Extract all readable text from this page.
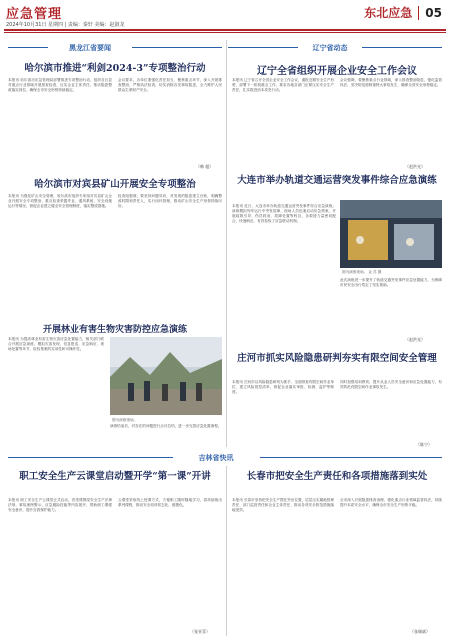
应急管理	东北应急 05
2024年10月31日 星期四 | 责编：秦轩 美编：赵淑龙
黑龙江省要闻	辽宁省动态
哈尔滨市推进“利剑2024-3”专项整治行动
本报讯 哈尔滨市应急管理局部署推进专项整治行动，组织各区县对重点行业领域开展排查检查，压实企业主体责任，推动隐患整改落实到位，确保全市安全形势持续稳定。
会议要求，各单位要强化责任担当，聚焦重点环节，深入开展排查整治，严格执法检查，切实消除各类事故隐患，全力维护人民群众生命财产安全。
（韩 超）
哈尔滨市对宾县矿山开展安全专项整治
本报讯 为强化矿山安全管理，哈尔滨市组织专家组对宾县矿山企业开展安全专项整治，重点检查采掘作业、通风系统、安全设施运行等情况，督促企业建立健全安全管理制度，落实整改措施。
检查组强调，要坚持问题导向，对发现的隐患建立台账，明确整改时限和责任人，实行闭环管理，推动矿山安全生产形势持续向好。
开展林业有害生物灾害防控应急演练
本报讯 为提高林业有害生物灾害应急处置能力，相关部门联合开展应急演练，模拟灾害发现、信息报送、应急响应、现场处置等环节，检验预案的实用性和可操作性。
图为演练现场。
演练结束后，对存在的问题进行点评总结，进一步完善应急处置流程。
辽宁全省组织开展企业安全工作会议
本报讯 辽宁省召开全省企业安全工作会议，通报近期安全生产形势，部署下一阶段重点工作，要求各地各部门压紧压实安全生产责任，扎实推进治本攻坚行动。
会议强调，要聚焦重点行业领域，深入排查整治隐患，强化监管执法，坚决防范遏制重特大事故发生，确保全省安全形势稳定。
（赵洪光）
大连市举办轨道交通运营突发事件综合应急演练
本报讯 近日，大连市举办轨道交通运营突发事件综合应急演练。演练模拟列车运行中突发故障，现场人员迅速启动应急预案，开展疏散引导、伤员救治、故障处置等科目，各救援力量密切配合、快速响应，有效检验了应急联动机制。
图为演练现场。 金 苏 摄
此次演练进一步提升了轨道交通突发事件应急处置能力，为保障市民安全出行奠定了坚实基础。
（赵洪光）
庄河市抓实风险隐患研判夯实有限空间安全管理
本报讯 庄河市以风险隐患研判为抓手，全面排查有限空间作业单位，建立风险管控清单，督促企业落实审批、检测、监护等制度。
同时加强培训教育，提升从业人员安全意识和应急处置能力，有效防范有限空间作业事故发生。
（陈宁）
吉林省快讯
职工安全生产云课堂启动暨开学“第一课”开讲
本报讯 职工安全生产云课堂正式启动，首堂课围绕安全生产法律法规、事故案例警示、应急避险技能等内容展开，帮助职工增强安全意识，提升自我保护能力。
云课堂采取线上授课方式，方便职工随时随地学习，将持续推出系列课程，推动安全培训常态化、便捷化。
（张亚菲）
长春市把安全生产责任和各项措施落到实处
本报讯 长春市坚持把安全生产摆在突出位置，层层压实属地管理责任、部门监管责任和企业主体责任，推动各项安全防范措施落地见效。
全市深入开展隐患排查治理，强化重点行业领域监管执法，持续提升本质安全水平，确保全市安全生产形势平稳。
（张瑞斌）
